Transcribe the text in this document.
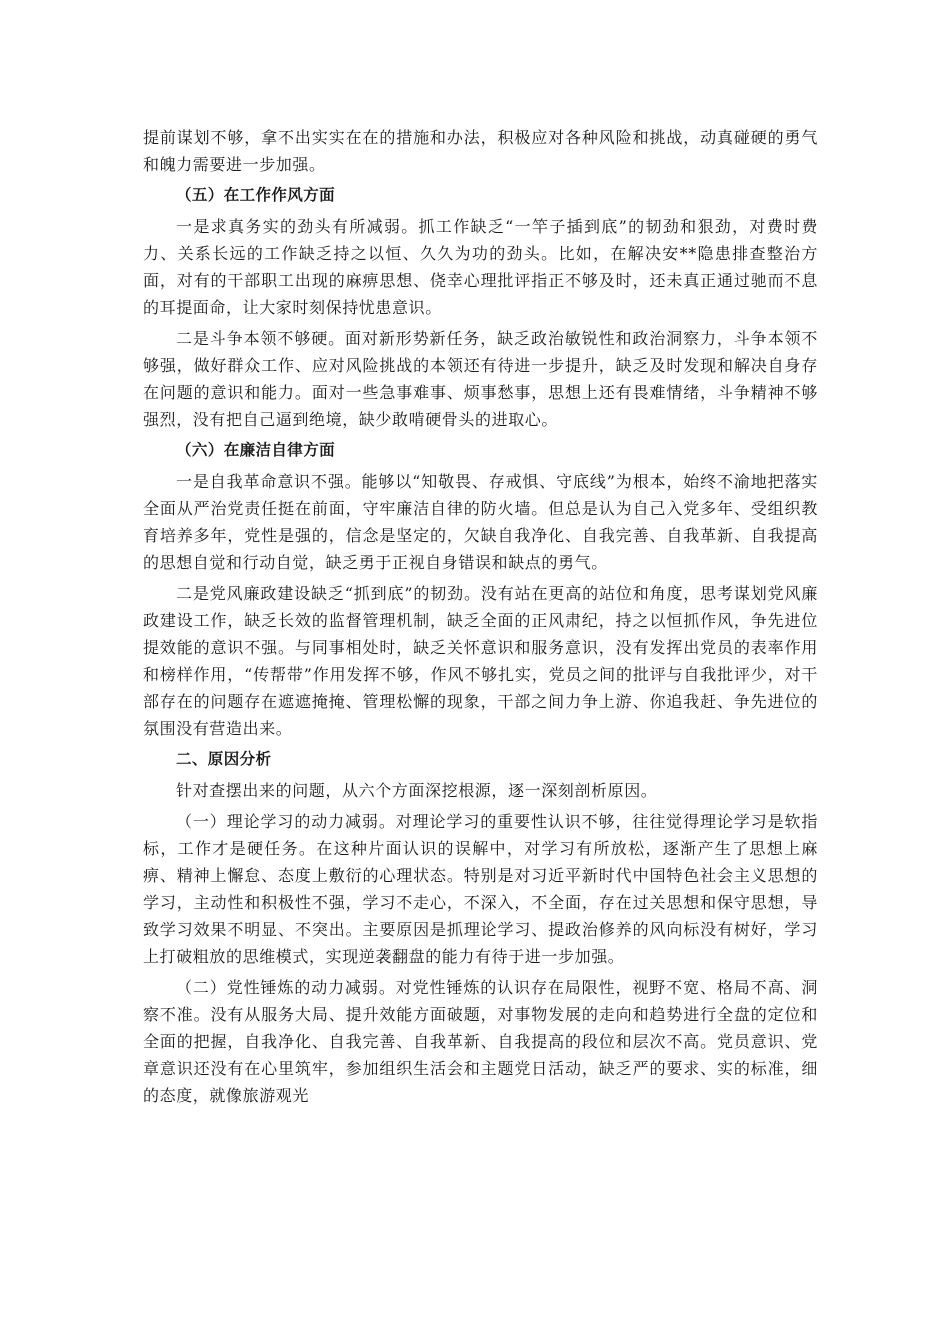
提前谋划不够，拿不出实实在在的措施和办法，积极应对各种风险和挑战，动真碰硬的勇气和魄力需要进一步加强。

（五）在工作作风方面

一是求真务实的劲头有所减弱。抓工作缺乏“一竿子插到底”的韧劲和狠劲，对费时费力、关系长远的工作缺乏持之以恒、久久为功的劲头。比如，在解决安**隐患排查整治方面，对有的干部职工出现的麻痹思想、侥幸心理批评指正不够及时，还未真正通过驰而不息的耳提面命，让大家时刻保持忧患意识。

二是斗争本领不够硬。面对新形势新任务，缺乏政治敏锐性和政治洞察力，斗争本领不够强，做好群众工作、应对风险挑战的本领还有待进一步提升，缺乏及时发现和解决自身存在问题的意识和能力。面对一些急事难事、烦事愁事，思想上还有畏难情绪，斗争精神不够强烈，没有把自己逼到绝境，缺少敢啃硬骨头的进取心。

（六）在廉洁自律方面

一是自我革命意识不强。能够以“知敬畏、存戒惧、守底线”为根本，始终不渝地把落实全面从严治党责任挺在前面，守牢廉洁自律的防火墙。但总是认为自己入党多年、受组织教育培养多年，党性是强的，信念是坚定的，欠缺自我净化、自我完善、自我革新、自我提高的思想自觉和行动自觉，缺乏勇于正视自身错误和缺点的勇气。

二是党风廉政建设缺乏“抓到底”的韧劲。没有站在更高的站位和角度，思考谋划党风廉政建设工作，缺乏长效的监督管理机制，缺乏全面的正风肃纪，持之以恒抓作风，争先进位提效能的意识不强。与同事相处时，缺乏关怀意识和服务意识，没有发挥出党员的表率作用和榜样作用，“传帮带”作用发挥不够，作风不够扎实，党员之间的批评与自我批评少，对干部存在的问题存在遮遮掩掩、管理松懈的现象，干部之间力争上游、你追我赶、争先进位的氛围没有营造出来。

二、原因分析

针对查摆出来的问题，从六个方面深挖根源，逐一深刻剖析原因。

（一）理论学习的动力减弱。对理论学习的重要性认识不够，往往觉得理论学习是软指标，工作才是硬任务。在这种片面认识的误解中，对学习有所放松，逐渐产生了思想上麻痹、精神上懈怠、态度上敷衍的心理状态。特别是对习近平新时代中国特色社会主义思想的学习，主动性和积极性不强，学习不走心，不深入，不全面，存在过关思想和保守思想，导致学习效果不明显、不突出。主要原因是抓理论学习、提政治修养的风向标没有树好，学习上打破粗放的思维模式，实现逆袭翻盘的能力有待于进一步加强。

（二）党性锤炼的动力减弱。对党性锤炼的认识存在局限性，视野不宽、格局不高、洞察不准。没有从服务大局、提升效能方面破题，对事物发展的走向和趋势进行全盘的定位和全面的把握，自我净化、自我完善、自我革新、自我提高的段位和层次不高。党员意识、党章意识还没有在心里筑牢，参加组织生活会和主题党日活动，缺乏严的要求、实的标准，细的态度，就像旅游观光
